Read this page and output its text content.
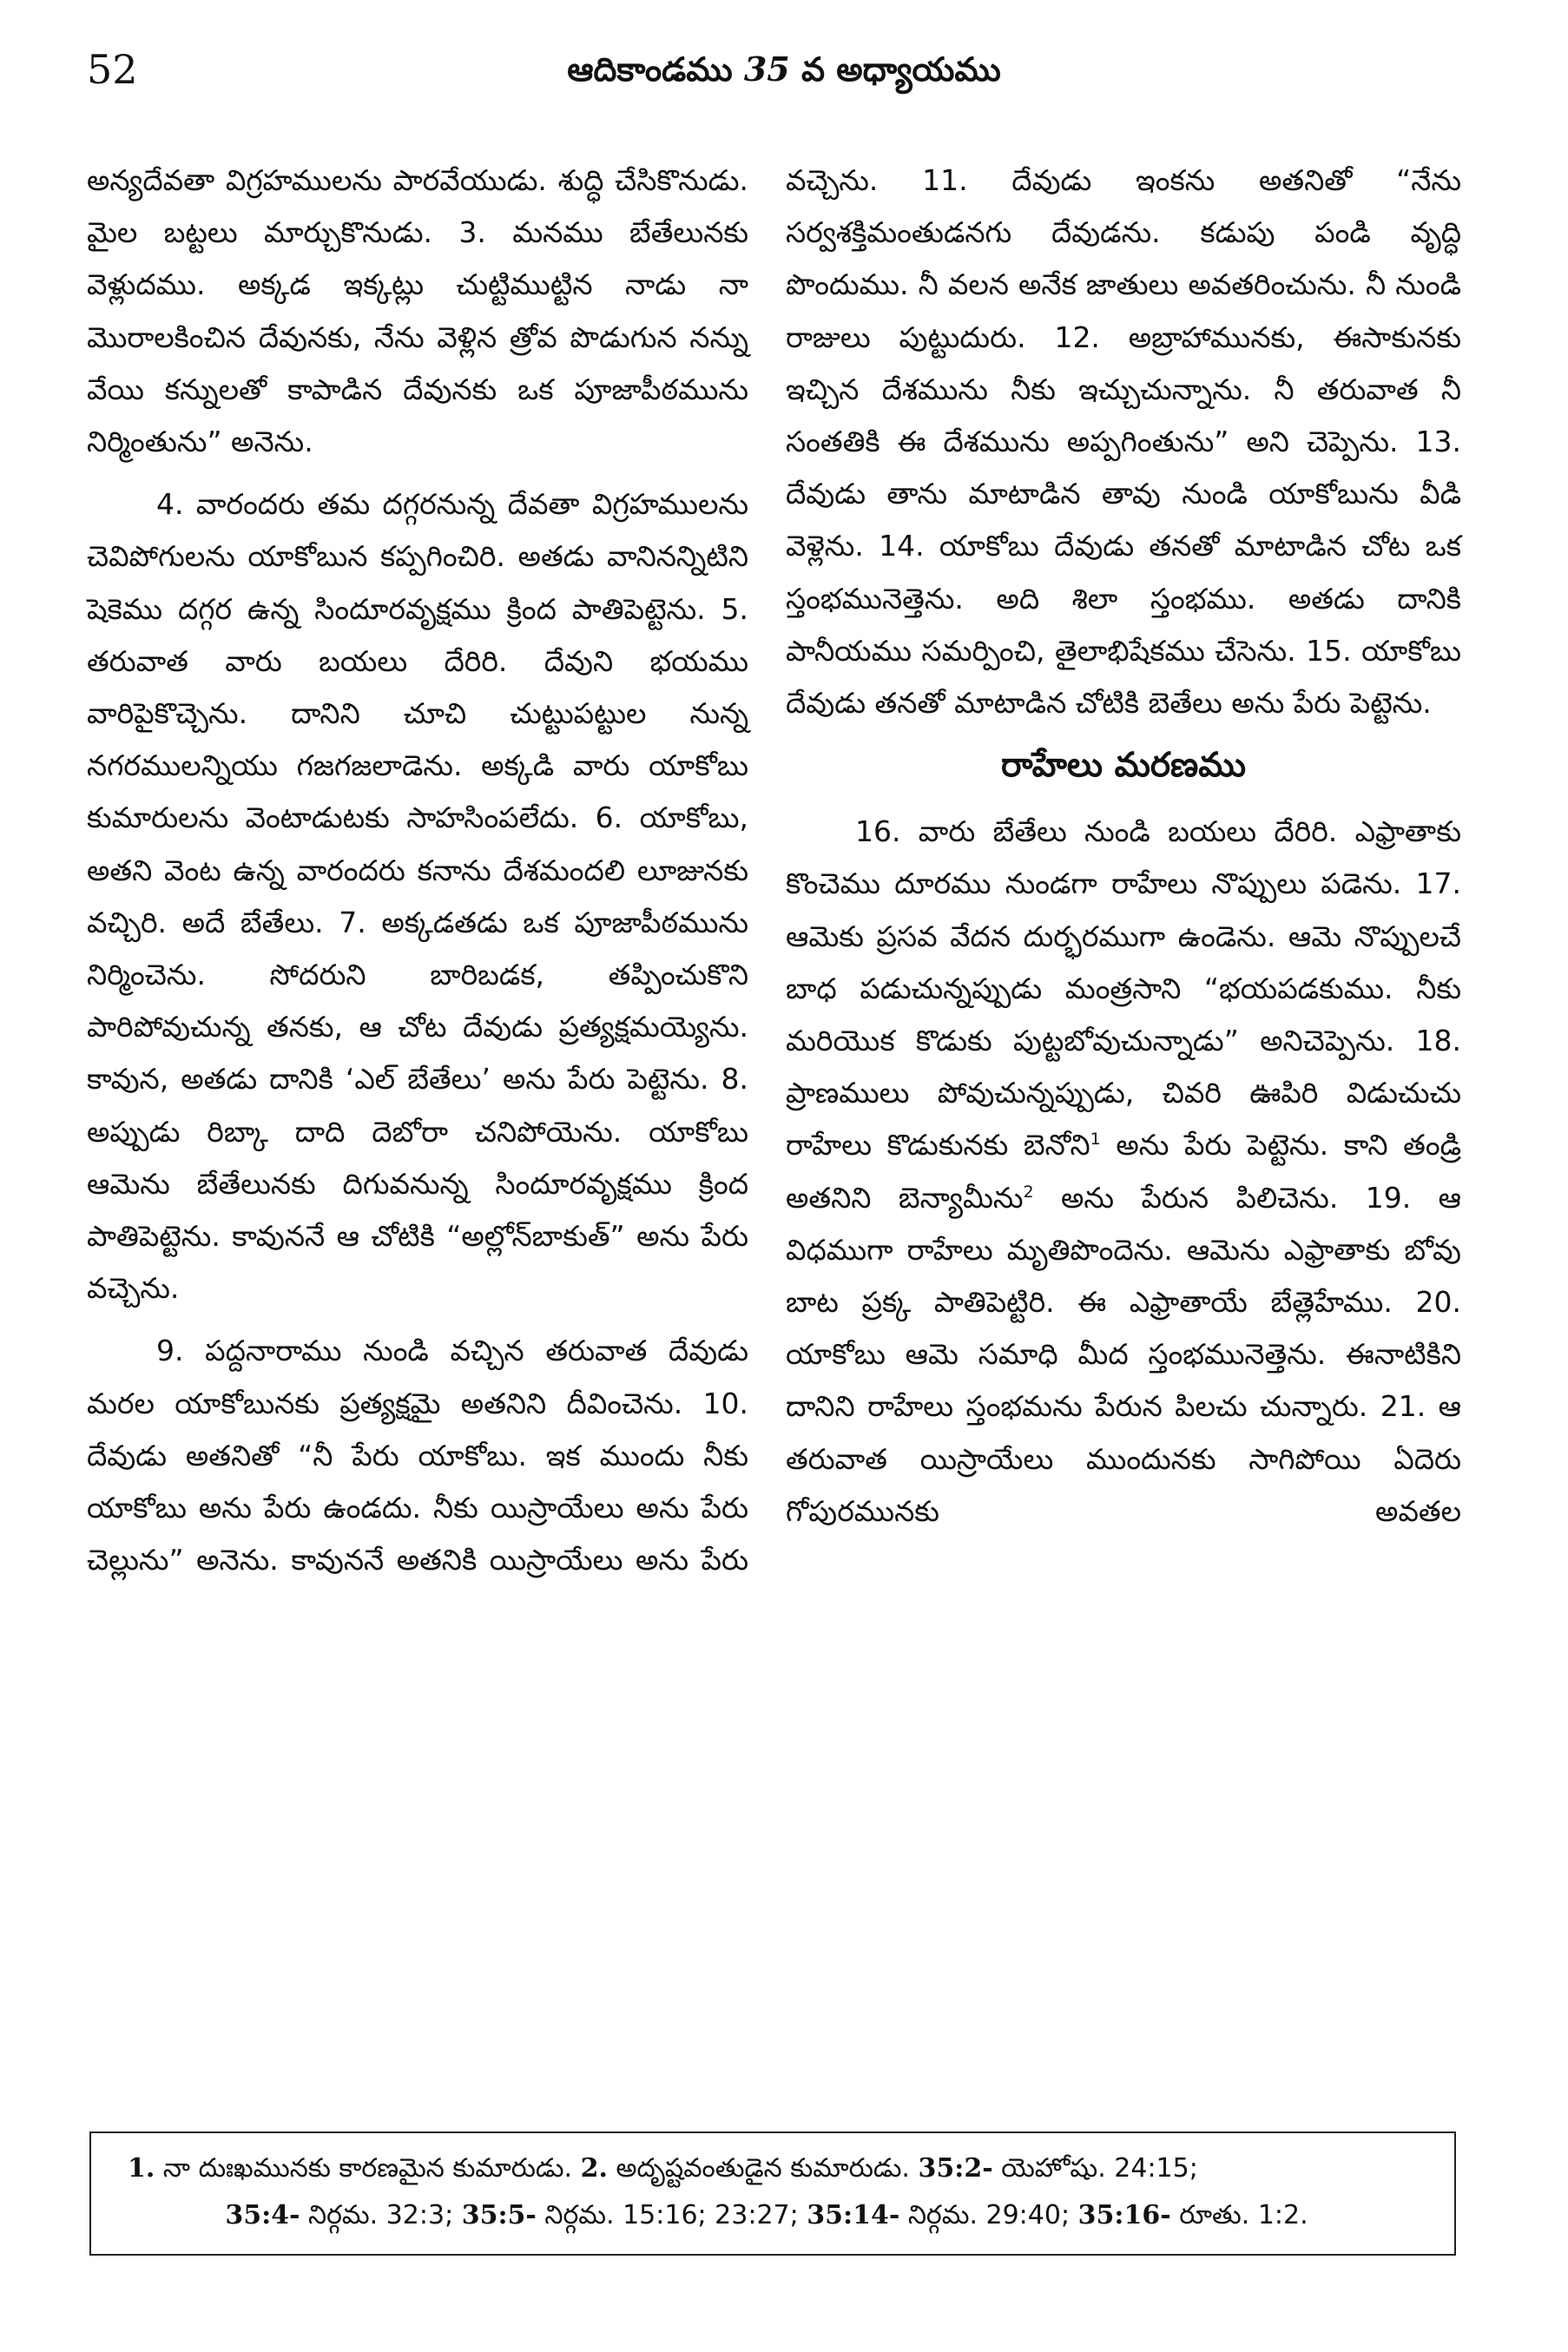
52	ఆదికాండము 35 వ అధ్యాయము

అన్యదేవతా విగ్రహములను పారవేయుడు. శుద్ధి చేసికొనుడు. మైల బట్టలు మార్చుకొనుడు. 3. మనము బేతేలునకు వెళ్లుదము. అక్కడ ఇక్కట్లు చుట్టిముట్టిన నాడు నా మొరాలకించిన దేవునకు, నేను వెళ్లిన త్రోవ పొడుగున నన్ను వేయి కన్నులతో కాపాడిన దేవునకు ఒక పూజాపీఠమును నిర్మింతును” అనెను.

4. వారందరు తమ దగ్గరనున్న దేవతా విగ్రహములను చెవిపోగులను యాకోబున కప్పగించిరి. అతడు వానినన్నిటిని షెకెము దగ్గర ఉన్న సిందూరవృక్షము క్రింద పాతిపెట్టెను. 5. తరువాత వారు బయలు దేరిరి. దేవుని భయము వారిపైకొచ్చెను. దానిని చూచి చుట్టుపట్టుల నున్న నగరములన్నియు గజగజలాడెను. అక్కడి వారు యాకోబు కుమారులను వెంటాడుటకు సాహసింపలేదు. 6. యాకోబు, అతని వెంట ఉన్న వారందరు కనాను దేశమందలి లూజునకు వచ్చిరి. అదే బేతేలు. 7. అక్కడతడు ఒక పూజాపీఠమును నిర్మించెను. సోదరుని బారిబడక, తప్పించుకొని పారిపోవుచున్న తనకు, ఆ చోట దేవుడు ప్రత్యక్షమయ్యెను. కావున, అతడు దానికి ‘ఎల్ బేతేలు’ అను పేరు పెట్టెను. 8. అప్పుడు రిబ్కా దాది దెబోరా చనిపోయెను. యాకోబు ఆమెను బేతేలునకు దిగువనున్న సిందూరవృక్షము క్రింద పాతిపెట్టెను. కావుననే ఆ చోటికి “అల్లోన్‌బాకుత్” అను పేరు వచ్చెను.

9. పద్దనారాము నుండి వచ్చిన తరువాత దేవుడు మరల యాకోబునకు ప్రత్యక్షమై అతనిని దీవించెను. 10. దేవుడు అతనితో “నీ పేరు యాకోబు. ఇక ముందు నీకు యాకోబు అను పేరు ఉండదు. నీకు యిస్రాయేలు అను పేరు చెల్లును” అనెను. కావుననే అతనికి యిస్రాయేలు అను పేరు

వచ్చెను. 11. దేవుడు ఇంకను అతనితో “నేను సర్వశక్తిమంతుడనగు దేవుడను. కడుపు పండి వృద్ధి పొందుము. నీ వలన అనేక జాతులు అవతరించును. నీ నుండి రాజులు పుట్టుదురు. 12. అబ్రాహామునకు, ఈసాకునకు ఇచ్చిన దేశమును నీకు ఇచ్చుచున్నాను. నీ తరువాత నీ సంతతికి ఈ దేశమును అప్పగింతును” అని చెప్పెను. 13. దేవుడు తాను మాటాడిన తావు నుండి యాకోబును వీడి వెళ్లెను. 14. యాకోబు దేవుడు తనతో మాటాడిన చోట ఒక స్తంభమునెత్తెను. అది శిలా స్తంభము. అతడు దానికి పానీయము సమర్పించి, తైలాభిషేకము చేసెను. 15. యాకోబు దేవుడు తనతో మాటాడిన చోటికి బెతేలు అను పేరు పెట్టెను.

రాహేలు మరణము

16. వారు బేతేలు నుండి బయలు దేరిరి. ఎఫ్రాతాకు కొంచెము దూరము నుండగా రాహేలు నొప్పులు పడెను. 17. ఆమెకు ప్రసవ వేదన దుర్భరముగా ఉండెను. ఆమె నొప్పులచే బాధ పడుచున్నప్పుడు మంత్రసాని “భయపడకుము. నీకు మరియొక కొడుకు పుట్టబోవుచున్నాడు” అనిచెప్పెను. 18. ప్రాణములు పోవుచున్నప్పుడు, చివరి ఊపిరి విడుచుచు రాహేలు కొడుకునకు బెనోని$^1$ అను పేరు పెట్టెను. కాని తండ్రి అతనిని బెన్యామీను$^2$ అను పేరున పిలిచెను. 19. ఆ విధముగా రాహేలు మృతిపొందెను. ఆమెను ఎఫ్రాతాకు బోవు బాట ప్రక్క పాతిపెట్టిరి. ఈ ఎఫ్రాతాయే బేత్లెహేము. 20. యాకోబు ఆమె సమాధి మీద స్తంభమునెత్తెను. ఈనాటికిని దానిని రాహేలు స్తంభమను పేరున పిలచు చున్నారు. 21. ఆ తరువాత యిస్రాయేలు ముందునకు సాగిపోయి ఏదెరు గోపురమునకు అవతల

1. నా దుఃఖమునకు కారణమైన కుమారుడు. 2. అదృష్టవంతుడైన కుమారుడు. 35:2- యెహోషు. 24:15;

35:4- నిర్గమ. 32:3; 35:5- నిర్గమ. 15:16; 23:27; 35:14- నిర్గమ. 29:40; 35:16- రూతు. 1:2.
